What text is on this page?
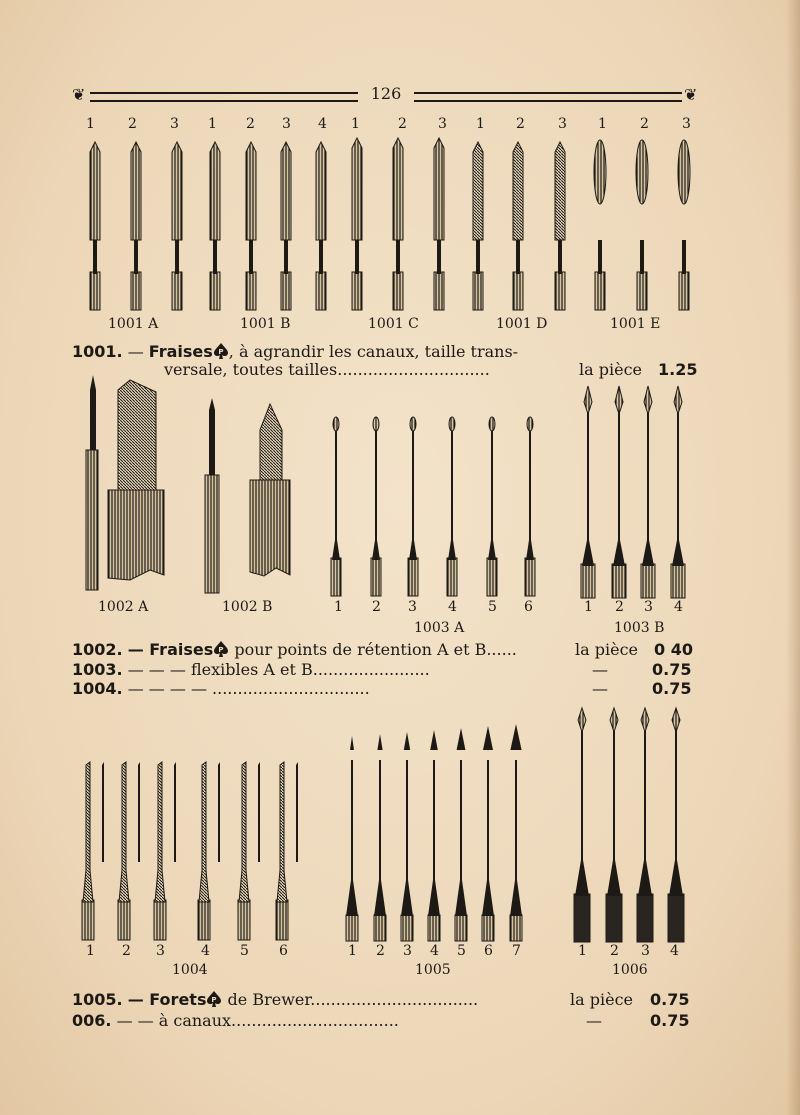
❦	126	❦
1 2 3 1 2 3 4 1	2 3 1 2 3 1 2 3
1001 A	1001 B	1001 C	1001 D	1001 E
1001. — Fraises P , à agrandir les canaux, taille trans-
versale, toutes tailles..............................	la pièce 1.25
1002 A	1002 B	1 2 3 4 5 6
1003 A
1 2 3 4
1003 B
1002. — Fraises P pour points de rétention A et B......	la pièce 0 40
1003. — — — flexibles A et B.......................	—	0.75
1004. — — — — ...............................	—	0.75
1 2 3	4 5 6
1004
1 2 3 4 5 6 7
1005
1 2 3 4
1006
1005. — Forets P de Brewer.................................	la pièce 0.75
006. — — à canaux.................................	—	0.75
